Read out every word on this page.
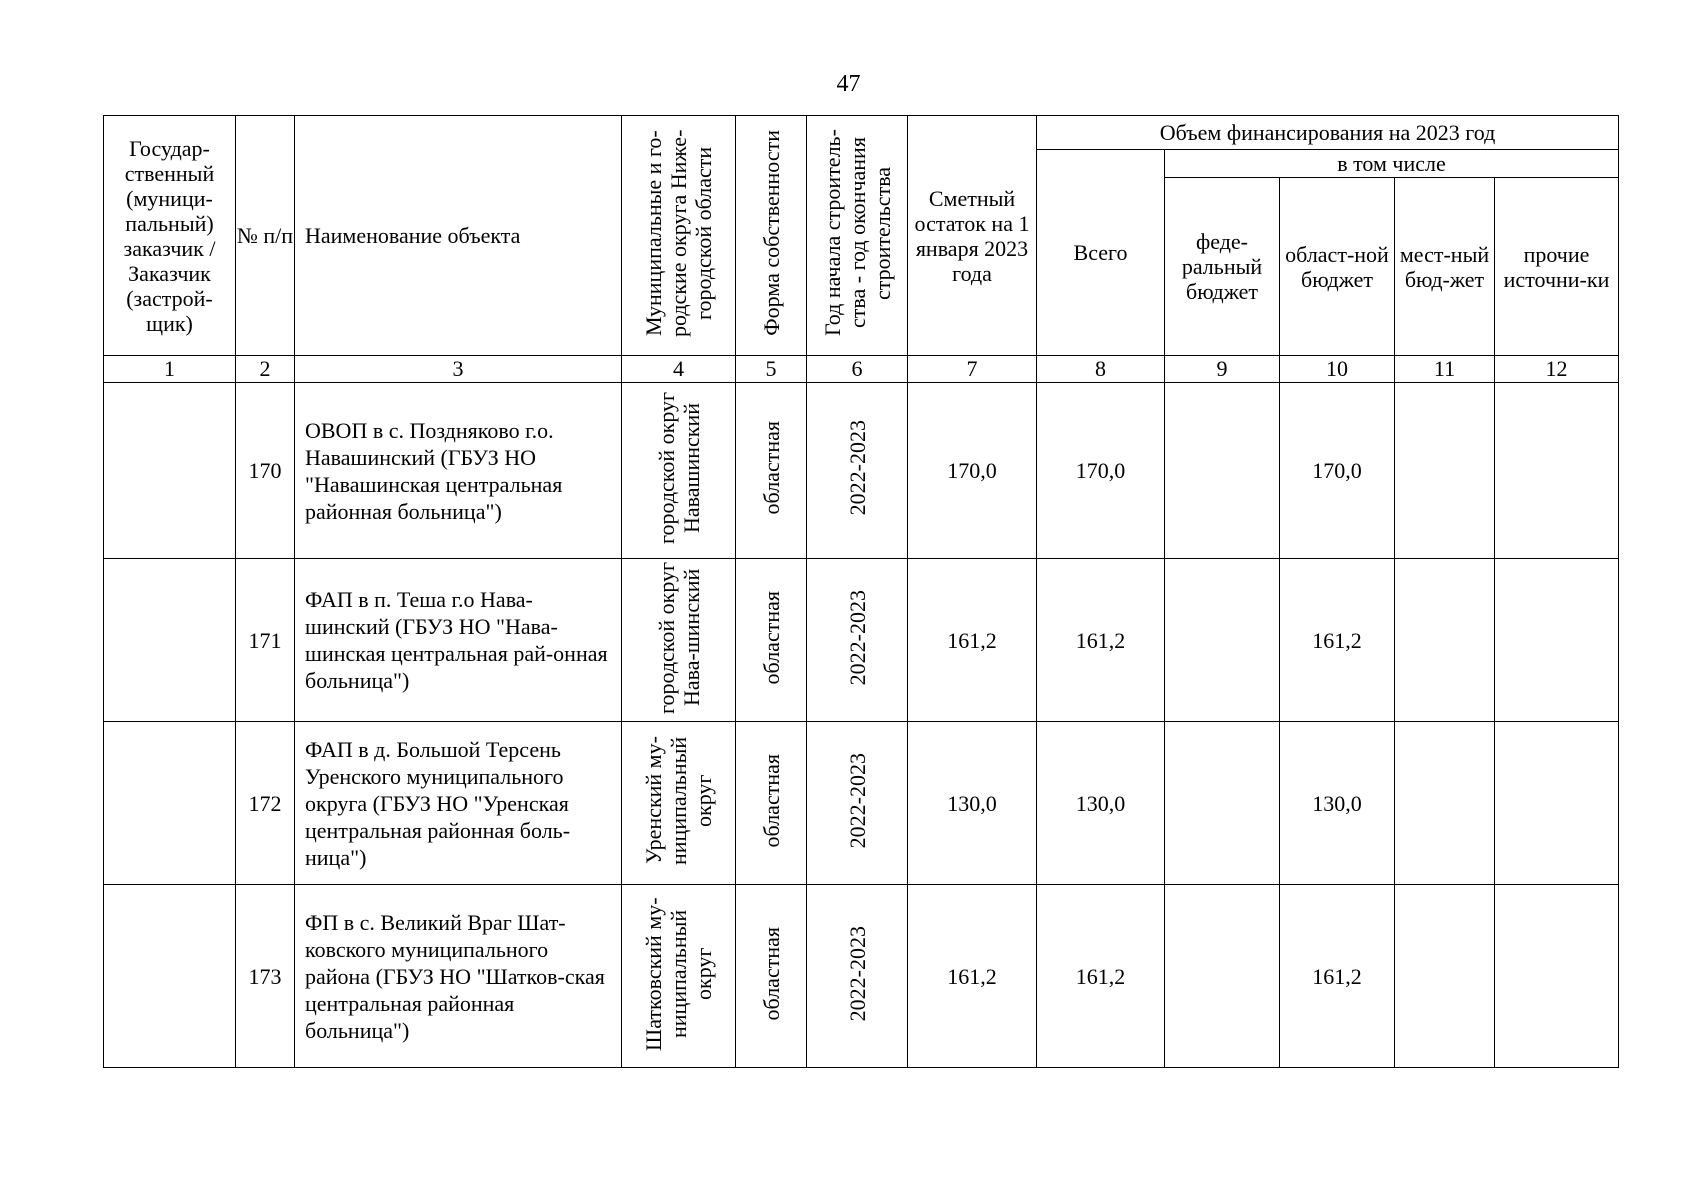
47
Государ-ственный (муници-пальный) заказчик / Заказчик (застрой-щик)	№ п/п	Наименование объекта	Муниципальные и го-родские округа Ниже-городской области	Форма собственности	Год начала строитель-ства - год окончания строительства	Сметный остаток на 1 января 2023 года	Объем финансирования на 2023 год				
							Всего	в том числе			
								феде-ральный бюджет	област-ной бюджет	мест-ный бюд-жет	прочие источни-ки
1	2	3	4	5	6	7	8	9	10	11	12
	170	ОВОП в с. Поздняково г.о. Навашинский (ГБУЗ НО "Навашинская центральная районная больница")	городской округ Навашинский	областная	2022-2023	170,0	170,0		170,0		
	171	ФАП в п. Теша г.о Нава-шинский (ГБУЗ НО "Нава-шинская центральная рай-онная больница")	городской округ Нава-шинский	областная	2022-2023	161,2	161,2		161,2		
	172	ФАП в д. Большой Терсень Уренского муниципального округа (ГБУЗ НО "Уренская центральная районная боль-ница")	Уренский му-ниципальный округ	областная	2022-2023	130,0	130,0		130,0		
	173	ФП в с. Великий Враг Шат-ковского муниципального района (ГБУЗ НО "Шатков-ская центральная районная больница")	Шатковский му-ниципальный округ	областная	2022-2023	161,2	161,2		161,2		
